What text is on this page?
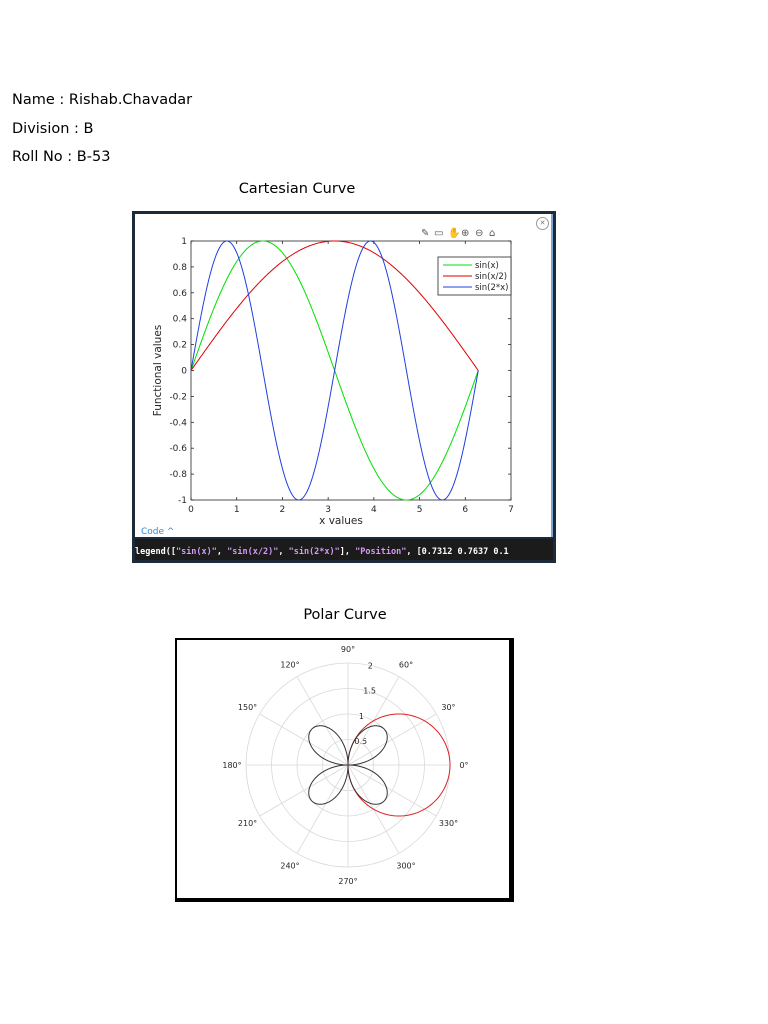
Name : Rishab.Chavadar
Division : B
Roll No : B-53
Cartesian Curve
0	1	2	3	4	5	6	7
-1
-0.8
-0.6
-0.4
-0.2
0
0.2
0.4
0.6
0.8
1
x values
Functional values
sin(x)
sin(x/2)
sin(2*x)
✎ ▭ ✋ ⊕ ⊖ ⌂
✕
Code ^
legend(["sin(x)", "sin(x/2)", "sin(2*x)"], "Position", [0.7312 0.7637 0.1
Polar Curve
0.5
1
1.5
2
0°
30°
60°
90°
120°
150°
180°
210°
240°
270°
300°
330°
